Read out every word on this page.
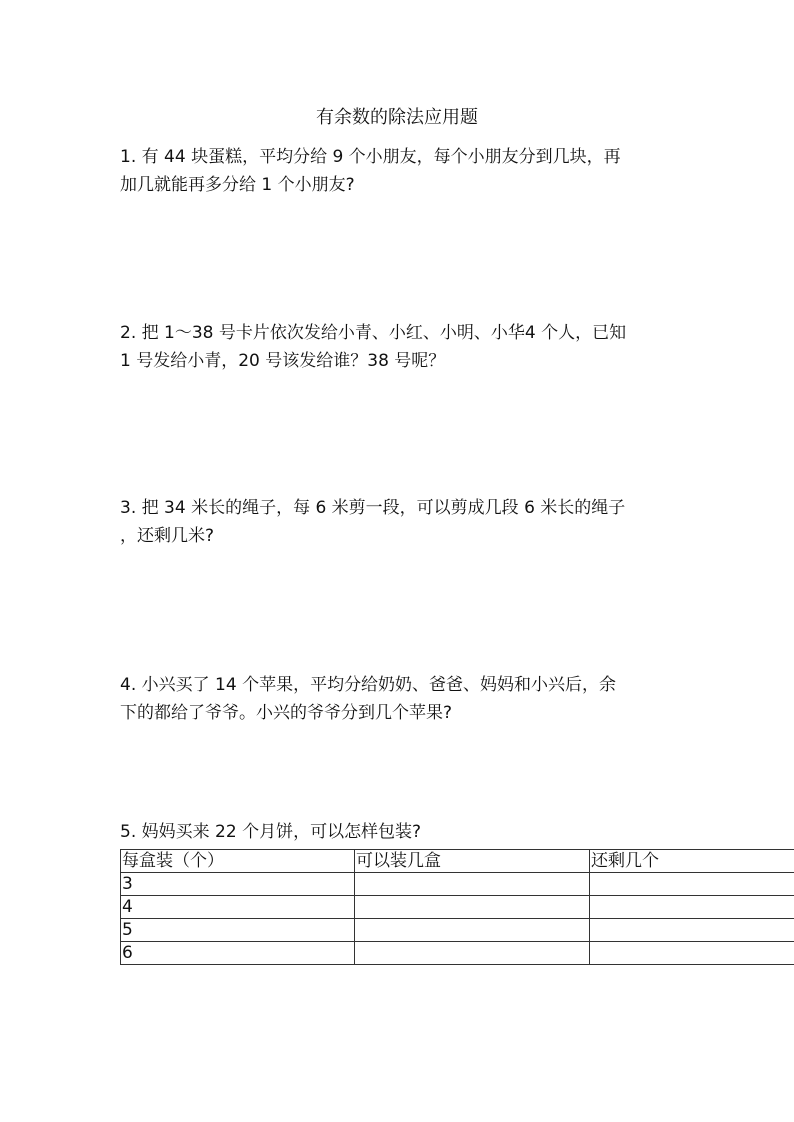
有余数的除法应用题
1. 有 44 块蛋糕，平均分给 9 个小朋友，每个小朋友分到几块，再
加几就能再多分给 1 个小朋友?
2. 把 1～38 号卡片依次发给小青、小红、小明、小华4 个人，已知
1 号发给小青，20 号该发给谁？38 号呢？
3. 把 34 米长的绳子，每 6 米剪一段，可以剪成几段 6 米长的绳子
，还剩几米?
4. 小兴买了 14 个苹果，平均分给奶奶、爸爸、妈妈和小兴后，余
下的都给了爷爷。小兴的爷爷分到几个苹果?
5. 妈妈买来 22 个月饼，可以怎样包装?
每盒装（个）	可以装几盒	还剩几个
3		
4		
5		
6		
